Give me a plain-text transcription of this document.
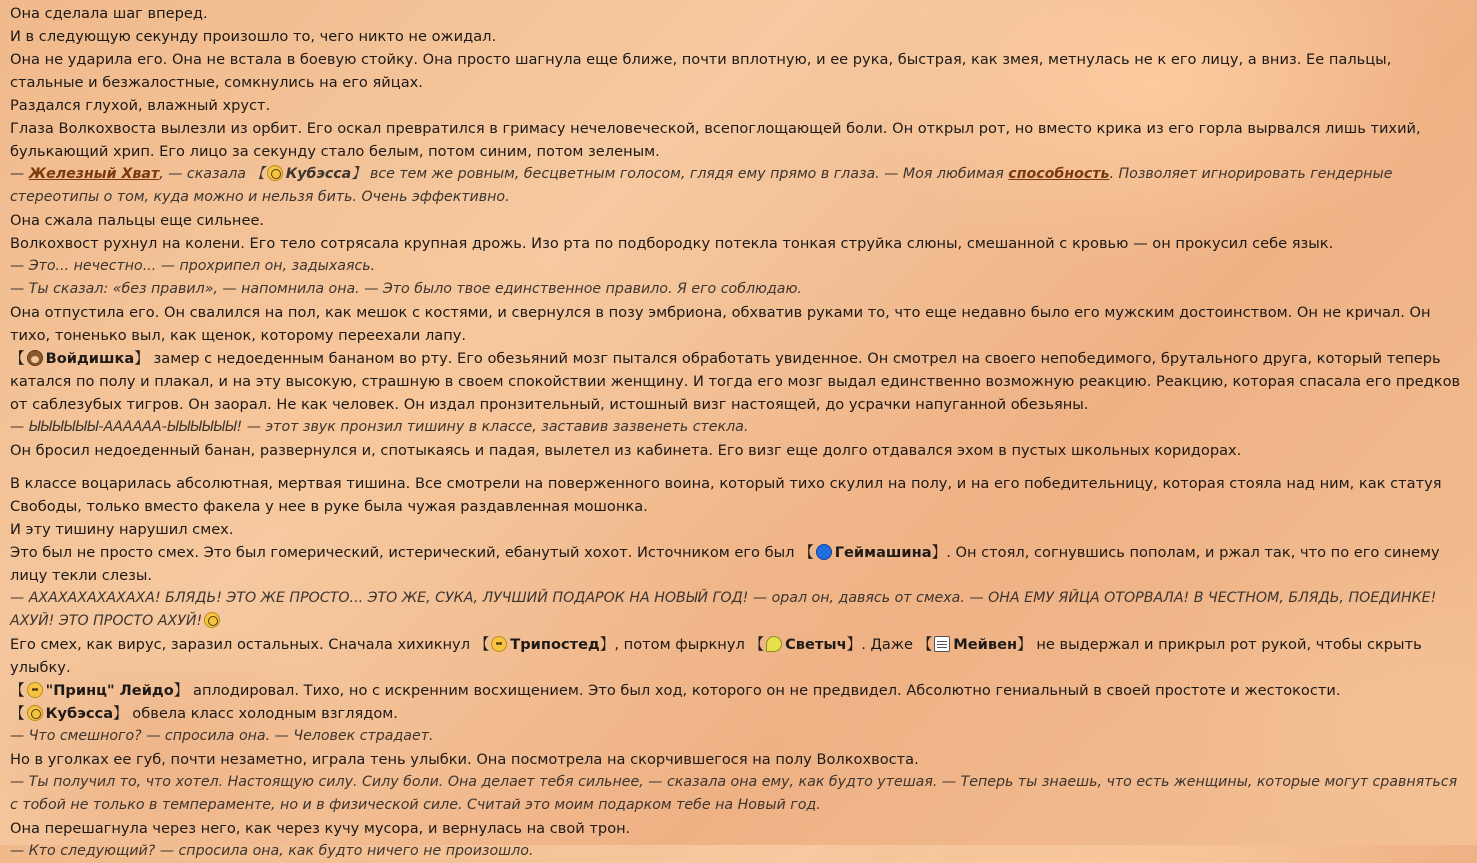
Она сделала шаг вперед.

И в следующую секунду произошло то, чего никто не ожидал.

Она не ударила его. Она не встала в боевую стойку. Она просто шагнула еще ближе, почти вплотную, и ее рука, быстрая, как змея, метнулась не к его лицу, а вниз. Ее пальцы, стальные и безжалостные, сомкнулись на его яйцах.

Раздался глухой, влажный хруст.

Глаза Волкохвоста вылезли из орбит. Его оскал превратился в гримасу нечеловеческой, всепоглощающей боли. Он открыл рот, но вместо крика из его горла вырвался лишь тихий, булькающий хрип. Его лицо за секунду стало белым, потом синим, потом зеленым.

— Железный Хват, — сказала 【 Кубэсса】 все тем же ровным, бесцветным голосом, глядя ему прямо в глаза. — Моя любимая способность. Позволяет игнорировать гендерные стереотипы о том, куда можно и нельзя бить. Очень эффективно.

Она сжала пальцы еще сильнее.

Волкохвост рухнул на колени. Его тело сотрясала крупная дрожь. Изо рта по подбородку потекла тонкая струйка слюны, смешанной с кровью — он прокусил себе язык.

— Это... нечестно... — прохрипел он, задыхаясь.

— Ты сказал: «без правил», — напомнила она. — Это было твое единственное правило. Я его соблюдаю.

Она отпустила его. Он свалился на пол, как мешок с костями, и свернулся в позу эмбриона, обхватив руками то, что еще недавно было его мужским достоинством. Он не кричал. Он тихо, тоненько выл, как щенок, которому переехали лапу.

【 Войдишка】 замер с недоеденным бананом во рту. Его обезьяний мозг пытался обработать увиденное. Он смотрел на своего непобедимого, брутального друга, который теперь катался по полу и плакал, и на эту высокую, страшную в своем спокойствии женщину. И тогда его мозг выдал единственно возможную реакцию. Реакцию, которая спасала его предков от саблезубых тигров. Он заорал. Не как человек. Он издал пронзительный, истошный визг настоящей, до усрачки напуганной обезьяны.

— ЫЫЫЫЫЫ-АААААА-ЫЫЫЫЫЫ! — этот звук пронзил тишину в классе, заставив зазвенеть стекла.

Он бросил недоеденный банан, развернулся и, спотыкаясь и падая, вылетел из кабинета. Его визг еще долго отдавался эхом в пустых школьных коридорах.

В классе воцарилась абсолютная, мертвая тишина. Все смотрели на поверженного воина, который тихо скулил на полу, и на его победительницу, которая стояла над ним, как статуя Свободы, только вместо факела у нее в руке была чужая раздавленная мошонка.

И эту тишину нарушил смех.

Это был не просто смех. Это был гомерический, истерический, ебанутый хохот. Источником его был 【 Геймашина】. Он стоял, согнувшись пополам, и ржал так, что по его синему лицу текли слезы.

— АХАХАХАХАХАХА! БЛЯДЬ! ЭТО ЖЕ ПРОСТО... ЭТО ЖЕ, СУКА, ЛУЧШИЙ ПОДАРОК НА НОВЫЙ ГОД! — орал он, давясь от смеха. — ОНА ЕМУ ЯЙЦА ОТОРВАЛА! В ЧЕСТНОМ, БЛЯДЬ, ПОЕДИНКЕ! АХУЙ! ЭТО ПРОСТО АХУЙ!

Его смех, как вирус, заразил остальных. Сначала хихикнул 【 Трипостед】, потом фыркнул 【 Светыч】. Даже 【 Мейвен】 не выдержал и прикрыл рот рукой, чтобы скрыть улыбку.

【 "Принц" Лейдо】 аплодировал. Тихо, но с искренним восхищением. Это был ход, которого он не предвидел. Абсолютно гениальный в своей простоте и жестокости.

【 Кубэсса】 обвела класс холодным взглядом.

— Что смешного? — спросила она. — Человек страдает.

Но в уголках ее губ, почти незаметно, играла тень улыбки. Она посмотрела на скорчившегося на полу Волкохвоста.

— Ты получил то, что хотел. Настоящую силу. Силу боли. Она делает тебя сильнее, — сказала она ему, как будто утешая. — Теперь ты знаешь, что есть женщины, которые могут сравняться с тобой не только в темпераменте, но и в физической силе. Считай это моим подарком тебе на Новый год.

Она перешагнула через него, как через кучу мусора, и вернулась на свой трон.

— Кто следующий? — спросила она, как будто ничего не произошло.
